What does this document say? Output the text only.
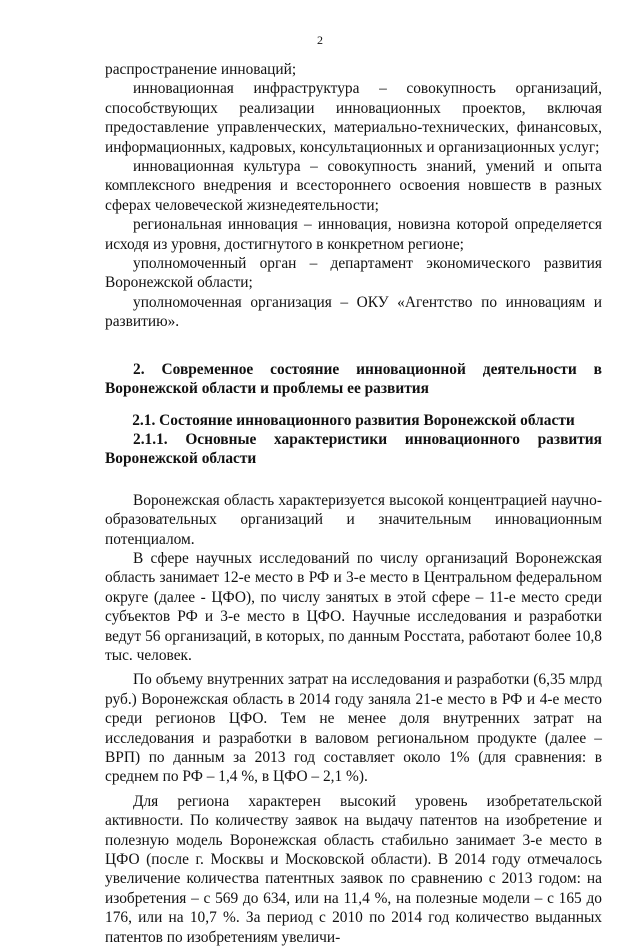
2

распространение инноваций;

инновационная инфраструктура – совокупность организаций, способствующих реализации инновационных проектов, включая предоставление управленческих, материально-технических, финансовых, информационных, кадровых, консультационных и организационных услуг;

инновационная культура – совокупность знаний, умений и опыта комплексного внедрения и всестороннего освоения новшеств в разных сферах человеческой жизнедеятельности;

региональная инновация – инновация, новизна которой определяется исходя из уровня, достигнутого в конкретном регионе;

уполномоченный орган – департамент экономического развития Воронежской области;

уполномоченная организация – ОКУ «Агентство по инновациям и развитию».

2. Современное состояние инновационной деятельности в Воронежской области и проблемы ее развития

2.1. Состояние инновационного развития Воронежской области

2.1.1. Основные характеристики инновационного развития Воронежской области

Воронежская область характеризуется высокой концентрацией научно-образовательных организаций и значительным инновационным потенциалом.

В сфере научных исследований по числу организаций Воронежская область занимает 12-е место в РФ и 3-е место в Центральном федеральном округе (далее - ЦФО), по числу занятых в этой сфере – 11-е место среди субъектов РФ и 3-е место в ЦФО. Научные исследования и разработки ведут 56 организаций, в которых, по данным Росстата, работают более 10,8 тыс. человек.

По объему внутренних затрат на исследования и разработки (6,35 млрд руб.) Воронежская область в 2014 году заняла 21-е место в РФ и 4-е место среди регионов ЦФО. Тем не менее доля внутренних затрат на исследования и разработки в валовом региональном продукте (далее – ВРП) по данным за 2013 год составляет около 1% (для сравнения: в среднем по РФ – 1,4 %, в ЦФО – 2,1 %).

Для региона характерен высокий уровень изобретательской активности. По количеству заявок на выдачу патентов на изобретение и полезную модель Воронежская область стабильно занимает 3-е место в ЦФО (после г. Москвы и Московской области). В 2014 году отмечалось увеличение количества патентных заявок по сравнению с 2013 годом: на изобретения – с 569 до 634, или на 11,4 %, на полезные модели – с 165 до 176, или на 10,7 %. За период с 2010 по 2014 год количество выданных патентов по изобретениям увеличи-
